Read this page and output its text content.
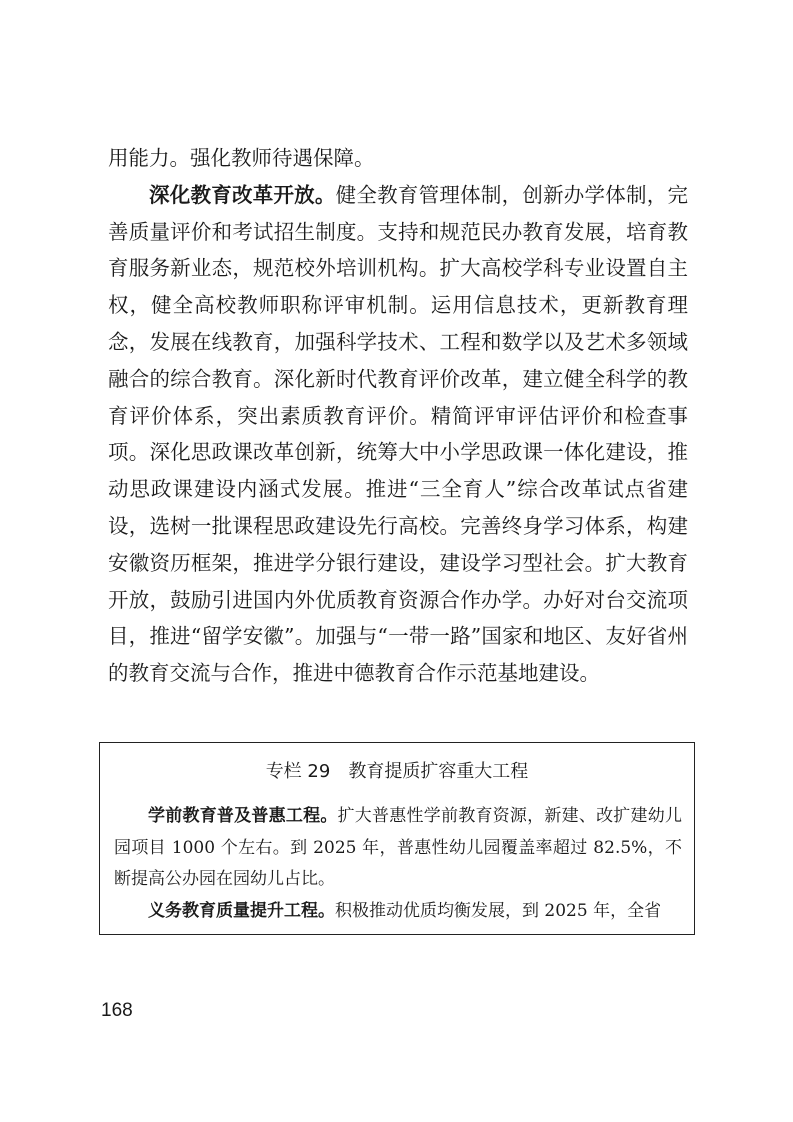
用能力。强化教师待遇保障。

深化教育改革开放。健全教育管理体制，创新办学体制，完善质量评价和考试招生制度。支持和规范民办教育发展，培育教育服务新业态，规范校外培训机构。扩大高校学科专业设置自主权，健全高校教师职称评审机制。运用信息技术，更新教育理念，发展在线教育，加强科学技术、工程和数学以及艺术多领域融合的综合教育。深化新时代教育评价改革，建立健全科学的教育评价体系，突出素质教育评价。精简评审评估评价和检查事项。深化思政课改革创新，统筹大中小学思政课一体化建设，推动思政课建设内涵式发展。推进“三全育人”综合改革试点省建设，选树一批课程思政建设先行高校。完善终身学习体系，构建安徽资历框架，推进学分银行建设，建设学习型社会。扩大教育开放，鼓励引进国内外优质教育资源合作办学。办好对台交流项目，推进“留学安徽”。加强与“一带一路”国家和地区、友好省州的教育交流与合作，推进中德教育合作示范基地建设。

专栏 29　教育提质扩容重大工程

学前教育普及普惠工程。扩大普惠性学前教育资源，新建、改扩建幼儿园项目 1000 个左右。到 2025 年，普惠性幼儿园覆盖率超过 82.5%，不断提高公办园在园幼儿占比。

义务教育质量提升工程。积极推动优质均衡发展，到 2025 年，全省

168
